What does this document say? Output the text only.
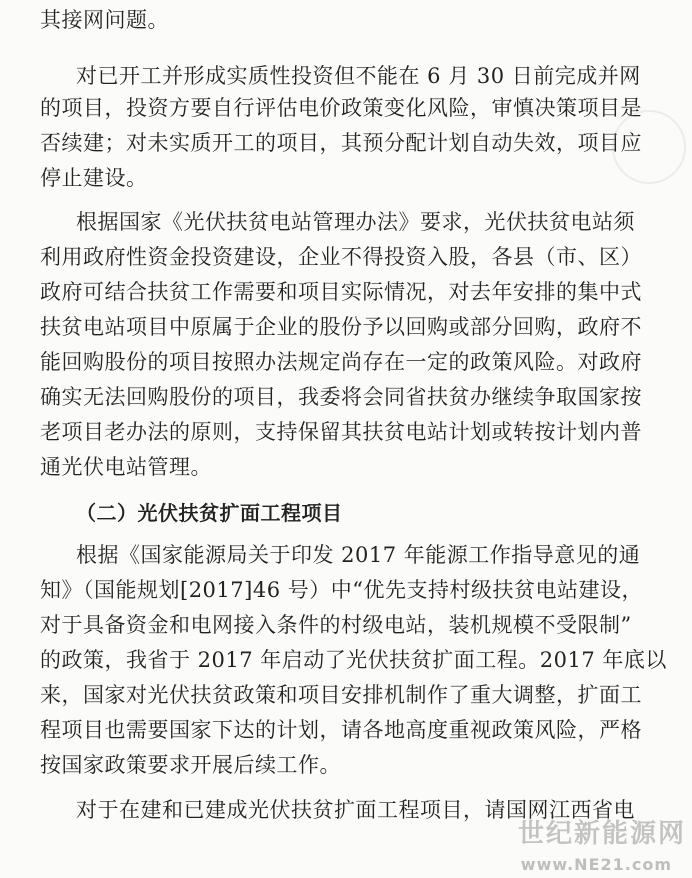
其接网问题。
对已开工并形成实质性投资但不能在 6 月 30 日前完成并网
的项目，投资方要自行评估电价政策变化风险，审慎决策项目是
否续建；对未实质开工的项目，其预分配计划自动失效，项目应
停止建设。
根据国家《光伏扶贫电站管理办法》要求，光伏扶贫电站须
利用政府性资金投资建设，企业不得投资入股，各县（市、区）
政府可结合扶贫工作需要和项目实际情况，对去年安排的集中式
扶贫电站项目中原属于企业的股份予以回购或部分回购，政府不
能回购股份的项目按照办法规定尚存在一定的政策风险。对政府
确实无法回购股份的项目，我委将会同省扶贫办继续争取国家按
老项目老办法的原则，支持保留其扶贫电站计划或转按计划内普
通光伏电站管理。
（二）光伏扶贫扩面工程项目
根据《国家能源局关于印发 2017 年能源工作指导意见的通
知》（国能规划[2017]46 号）中“优先支持村级扶贫电站建设，
对于具备资金和电网接入条件的村级电站，装机规模不受限制”
的政策，我省于 2017 年启动了光伏扶贫扩面工程。2017 年底以
来，国家对光伏扶贫政策和项目安排机制作了重大调整，扩面工
程项目也需要国家下达的计划，请各地高度重视政策风险，严格
按国家政策要求开展后续工作。
对于在建和已建成光伏扶贫扩面工程项目，请国网江西省电
世纪新能源网
www.NE21.com
